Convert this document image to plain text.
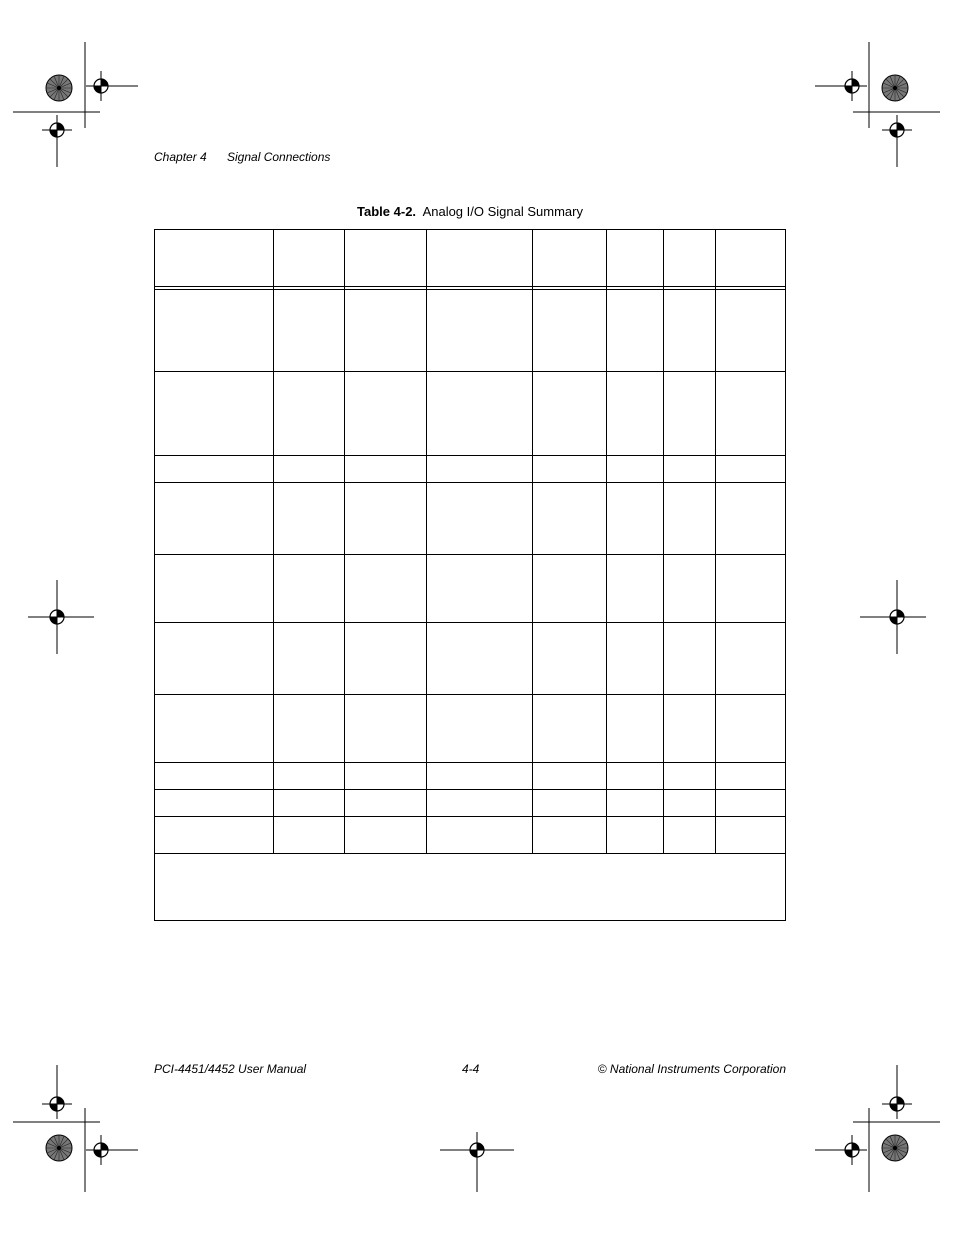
Chapter 4 Signal Connections
Table 4-2. Analog I/O Signal Summary
PCI-4451/4452 User Manual	4-4	© National Instruments Corporation
